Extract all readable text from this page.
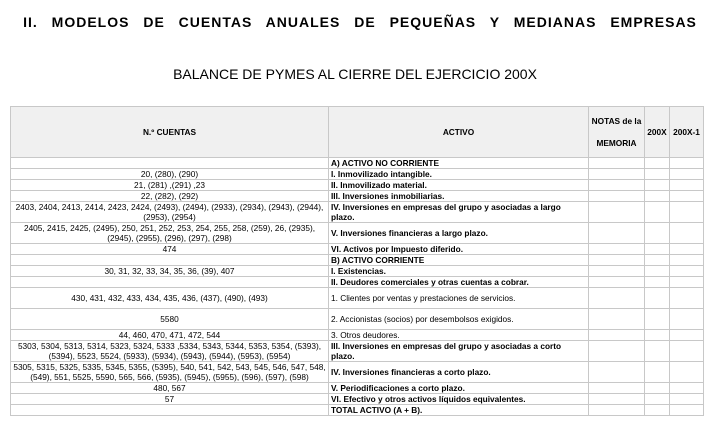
II. MODELOS DE CUENTAS ANUALES DE PEQUEÑAS Y MEDIANAS EMPRESAS
BALANCE DE PYMES AL CIERRE DEL EJERCICIO 200X
N.º CUENTAS	ACTIVO	NOTAS de la MEMORIA	200X	200X-1
	A) ACTIVO NO CORRIENTE			
20, (280), (290)	I. Inmovilizado intangible.			
21, (281) ,(291) ,23	II. Inmovilizado material.			
22, (282), (292)	III. Inversiones inmobiliarias.			
2403, 2404, 2413, 2414, 2423, 2424, (2493), (2494), (2933), (2934), (2943), (2944), (2953), (2954)	IV. Inversiones en empresas del grupo y asociadas a largo plazo.			
2405, 2415, 2425, (2495), 250, 251, 252, 253, 254, 255, 258, (259), 26, (2935), (2945), (2955), (296), (297), (298)	V. Inversiones financieras a largo plazo.			
474	VI. Activos por Impuesto diferido.			
	B) ACTIVO CORRIENTE			
30, 31, 32, 33, 34, 35, 36, (39), 407	I. Existencias.			
	II. Deudores comerciales y otras cuentas a cobrar.			
430, 431, 432, 433, 434, 435, 436, (437), (490), (493)	1. Clientes por ventas y prestaciones de servicios.			
5580	2. Accionistas (socios) por desembolsos exigidos.			
44, 460, 470, 471, 472, 544	3. Otros deudores.			
5303, 5304, 5313, 5314, 5323, 5324, 5333 ,5334, 5343, 5344, 5353, 5354, (5393), (5394), 5523, 5524, (5933), (5934), (5943), (5944), (5953), (5954)	III. Inversiones en empresas del grupo y asociadas a corto plazo.			
5305, 5315, 5325, 5335, 5345, 5355, (5395), 540, 541, 542, 543, 545, 546, 547, 548, (549), 551, 5525, 5590, 565, 566, (5935), (5945), (5955), (596), (597), (598)	IV. Inversiones financieras a corto plazo.			
480, 567	V. Periodificaciones a corto plazo.			
57	VI. Efectivo y otros activos líquidos equivalentes.			
	TOTAL ACTIVO (A + B).			
